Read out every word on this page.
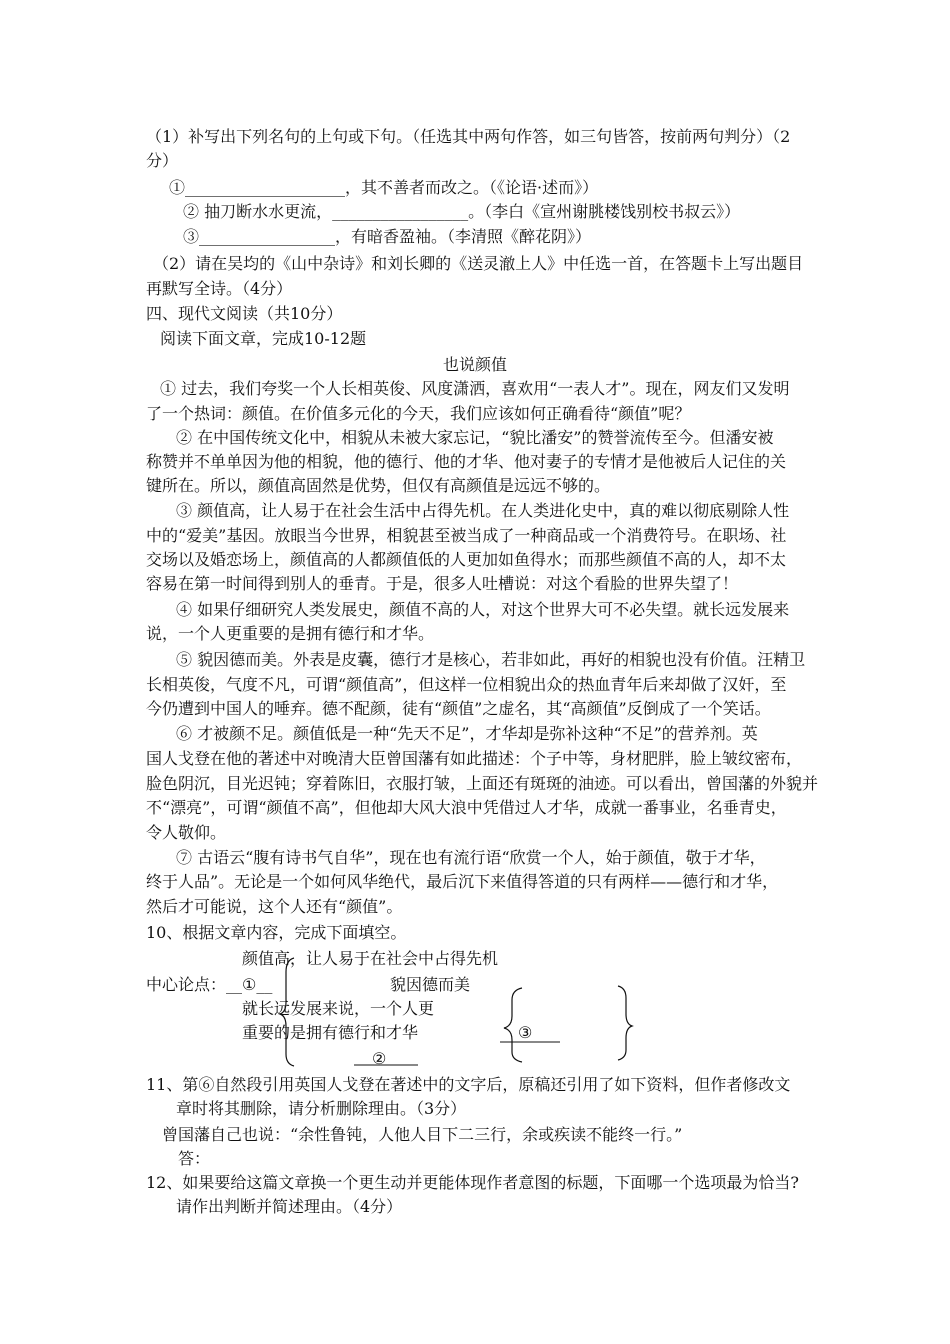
（1）补写出下列名句的上句或下句。（任选其中两句作答，如三句皆答，按前两句判分）（2
分）
①____________________，其不善者而改之。（《论语·述而》）
② 抽刀断水水更流，_________________。（李白《宣州谢朓楼饯别校书叔云》）
③_________________，有暗香盈袖。（李清照《醉花阴》）
（2）请在吴均的《山中杂诗》和刘长卿的《送灵澈上人》中任选一首，在答题卡上写出题目
再默写全诗。（4分）
四、现代文阅读（共10分）
阅读下面文章，完成10-12题
也说颜值
① 过去，我们夸奖一个人长相英俊、风度潇洒，喜欢用“一表人才”。现在，网友们又发明
了一个热词：颜值。在价值多元化的今天，我们应该如何正确看待“颜值”呢？
② 在中国传统文化中，相貌从未被大家忘记，“貌比潘安”的赞誉流传至今。但潘安被
称赞并不单单因为他的相貌，他的德行、他的才华、他对妻子的专情才是他被后人记住的关
键所在。所以，颜值高固然是优势，但仅有高颜值是远远不够的。
③ 颜值高，让人易于在社会生活中占得先机。在人类进化史中，真的难以彻底剔除人性
中的“爱美”基因。放眼当今世界，相貌甚至被当成了一种商品或一个消费符号。在职场、社
交场以及婚恋场上，颜值高的人都颜值低的人更加如鱼得水；而那些颜值不高的人，却不太
容易在第一时间得到别人的垂青。于是，很多人吐槽说：对这个看脸的世界失望了！
④ 如果仔细研究人类发展史，颜值不高的人，对这个世界大可不必失望。就长远发展来
说，一个人更重要的是拥有德行和才华。
⑤ 貌因德而美。外表是皮囊，德行才是核心，若非如此，再好的相貌也没有价值。汪精卫
长相英俊，气度不凡，可谓“颜值高”，但这样一位相貌出众的热血青年后来却做了汉奸，至
今仍遭到中国人的唾弃。德不配颜，徒有“颜值”之虚名，其“高颜值”反倒成了一个笑话。
⑥ 才被颜不足。颜值低是一种“先天不足”，才华却是弥补这种“不足”的营养剂。英
国人戈登在他的著述中对晚清大臣曾国藩有如此描述：个子中等，身材肥胖，脸上皱纹密布，
脸色阴沉，目光迟钝；穿着陈旧，衣服打皱，上面还有斑斑的油迹。可以看出，曾国藩的外貌并
不“漂亮”，可谓“颜值不高”，但他却大风大浪中凭借过人才华，成就一番事业，名垂青史，
令人敬仰。
⑦ 古语云“腹有诗书气自华”，现在也有流行语“欣赏一个人，始于颜值，敬于才华，
终于人品”。无论是一个如何风华绝代，最后沉下来值得答道的只有两样——德行和才华，
然后才可能说，这个人还有“颜值”。
10、根据文章内容，完成下面填空。
颜值高，让人易于在社会中占得先机
中心论点： __①__	貌因德而美
就长远发展来说，一个人更
重要的是拥有德行和才华	③
②
11、第⑥自然段引用英国人戈登在著述中的文字后，原稿还引用了如下资料，但作者修改文
章时将其删除，请分析删除理由。（3分）
曾国藩自己也说：“余性鲁钝，人他人目下二三行，余或疾读不能终一行。”
答：
12、如果要给这篇文章换一个更生动并更能体现作者意图的标题，下面哪一个选项最为恰当?
请作出判断并简述理由。（4分）
